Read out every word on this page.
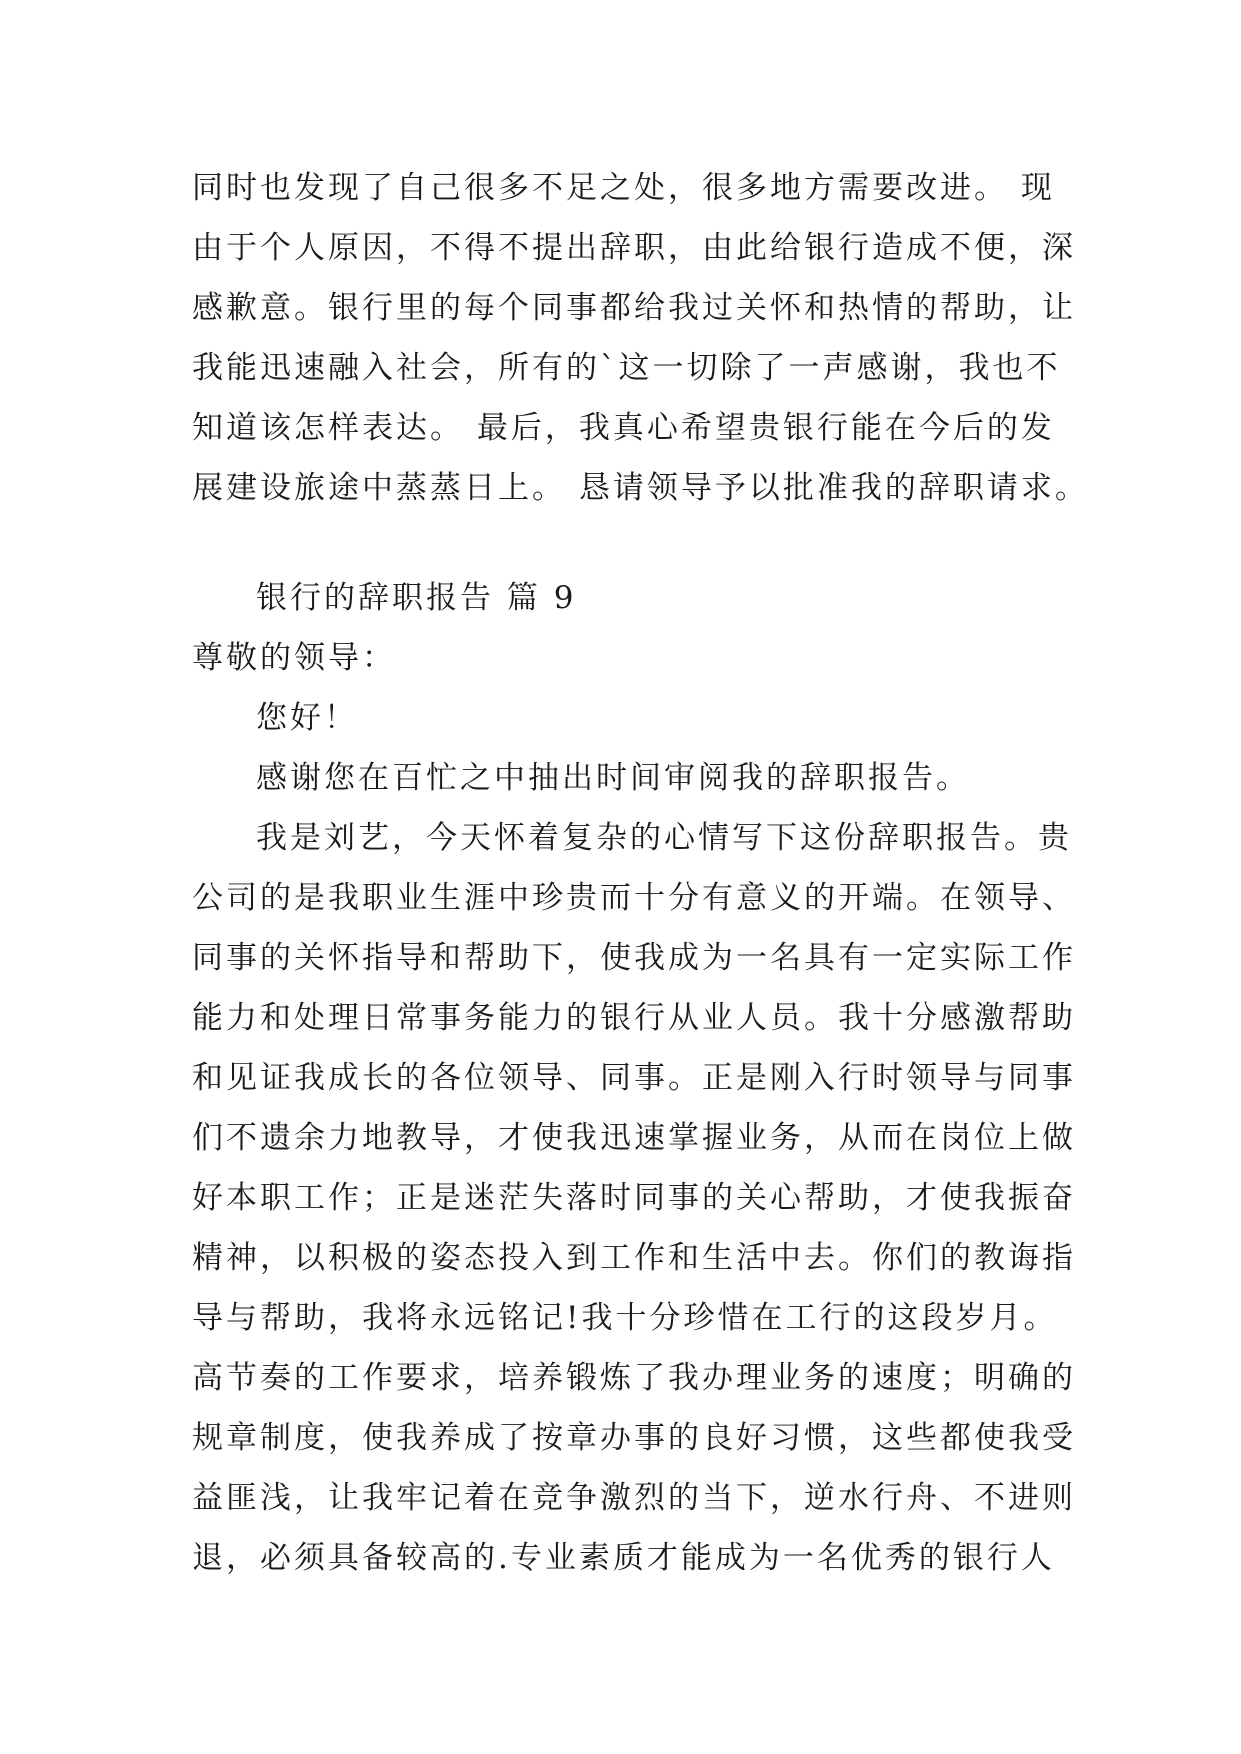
同时也发现了自己很多不足之处，很多地方需要改进。 现
由于个人原因，不得不提出辞职，由此给银行造成不便，深
感歉意。银行里的每个同事都给我过关怀和热情的帮助，让
我能迅速融入社会，所有的`这一切除了一声感谢，我也不
知道该怎样表达。 最后，我真心希望贵银行能在今后的发
展建设旅途中蒸蒸日上。 恳请领导予以批准我的辞职请求。
银行的辞职报告 篇 9
尊敬的领导：
您好！
感谢您在百忙之中抽出时间审阅我的辞职报告。
我是刘艺，今天怀着复杂的心情写下这份辞职报告。贵
公司的是我职业生涯中珍贵而十分有意义的开端。在领导、
同事的关怀指导和帮助下，使我成为一名具有一定实际工作
能力和处理日常事务能力的银行从业人员。我十分感激帮助
和见证我成长的各位领导、同事。正是刚入行时领导与同事
们不遗余力地教导，才使我迅速掌握业务，从而在岗位上做
好本职工作；正是迷茫失落时同事的关心帮助，才使我振奋
精神，以积极的姿态投入到工作和生活中去。你们的教诲指
导与帮助，我将永远铭记!我十分珍惜在工行的这段岁月。
高节奏的工作要求，培养锻炼了我办理业务的速度；明确的
规章制度，使我养成了按章办事的良好习惯，这些都使我受
益匪浅，让我牢记着在竞争激烈的当下，逆水行舟、不进则
退，必须具备较高的.专业素质才能成为一名优秀的银行人
